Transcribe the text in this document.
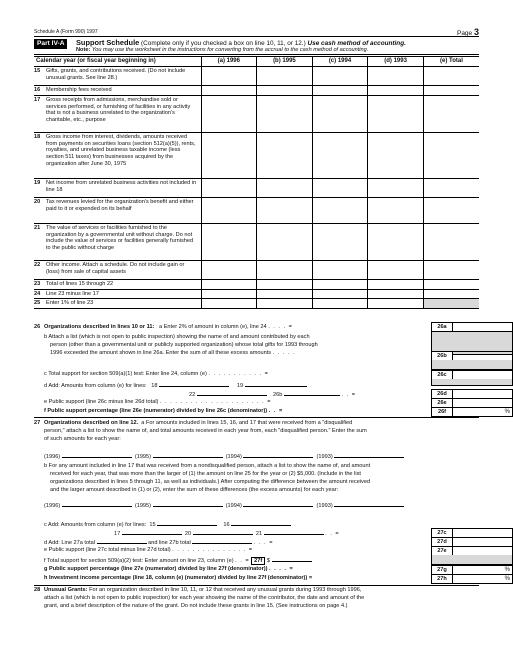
Schedule A (Form 990) 1997	Page 3
Part IV-A	Support Schedule (Complete only if you checked a box on line 10, 11, or 12.) Use cash method of accounting.
Note: You may use the worksheet in the instructions for converting from the accrual to the cash method of accounting.
Calendar year (or fiscal year beginning in)		(a) 1996	(b) 1995	(c) 1994	(d) 1993	(e) Total
15	Gifts, grants, and contributions received. (Do not include unusual grants. See line 28.)					
16	Membership fees received					
17	Gross receipts from admissions, merchandise sold or services performed, or furnishing of facilities in any activity that is not a business unrelated to the organization's charitable, etc., purpose					
18	Gross income from interest, dividends, amounts received from payments on securities loans (section 512(a)(5)), rents, royalties, and unrelated business taxable income (less section 511 taxes) from businesses acquired by the organization after June 30, 1975					
19	Net income from unrelated business activities not included in line 18					
20	Tax revenues levied for the organization's benefit and either paid to it or expended on its behalf					
21	The value of services or facilities furnished to the organization by a governmental unit without charge. Do not include the value of services or facilities generally furnished to the public without charge					
22	Other income. Attach a schedule. Do not include gain or (loss) from sale of capital assets					
23	Total of lines 15 through 22					
24	Line 23 minus line 17					
25	Enter 1% of line 23					
26 Organizations described in lines 10 or 11: a Enter 2% of amount in column (e), line 24 . . . . =	26a
b Attach a list (which is not open to public inspection) showing the name of and amount contributed by each
person (other than a governmental unit or publicly supported organization) whose total gifts for 1993 through
1996 exceeded the amount shown in line 26a. Enter the sum of all these excess amounts . . . . .	26b
c Total support for section 509(a)(1) test: Enter line 24, column (e) . . . . . . . . . . . =	26c
d Add: Amounts from column (e) for lines: 18	19
22	26b	. . =	26d
e Public support (line 26c minus line 26d total) . . . . . . . . . . . . . . . . . . . . . =	26e
f Public support percentage (line 26e (numerator) divided by line 26c (denominator)) . . =	26f	%
27 Organizations described on line 12. a For amounts included in lines 15, 16, and 17 that were received from a "disqualified
person," attach a list to show the name of, and total amounts received in each year from, each "disqualified person." Enter the sum
of such amounts for each year:
(1996)	(1995)	(1994)	(1993)
b For any amount included in line 17 that was received from a nondisqualified person, attach a list to show the name of, and amount
received for each year, that was more than the larger of (1) the amount on line 25 for the year or (2) $5,000. (Include in the list
organizations described in lines 5 through 11, as well as individuals.) After computing the difference between the amount received
and the larger amount described in (1) or (2), enter the sum of these differences (the excess amounts) for each year:
(1996)	(1995)	(1994)	(1993)
c Add: Amounts from column (e) for lines: 15	16
17	20	21	. . =	27c
d Add: Line 27a total	and line 27b total	. . . =	27d
e Public support (line 27c total minus line 27d total) . . . . . . . . . . . . . . . =	27e
f Total support for section 509(a)(2) test: Enter amount on line 23, column (e) . . = 27f $
g Public support percentage (line 27e (numerator) divided by line 27f (denominator)) . . . . =	27g	%
h Investment income percentage (line 18, column (e) (numerator) divided by line 27f (denominator)) =	27h	%
28 Unusual Grants: For an organization described in line 10, 11, or 12 that received any unusual grants during 1993 through 1996,
attach a list (which is not open to public inspection) for each year showing the name of the contributor, the date and amount of the
grant, and a brief description of the nature of the grant. Do not include these grants in line 15. (See instructions on page 4.)
